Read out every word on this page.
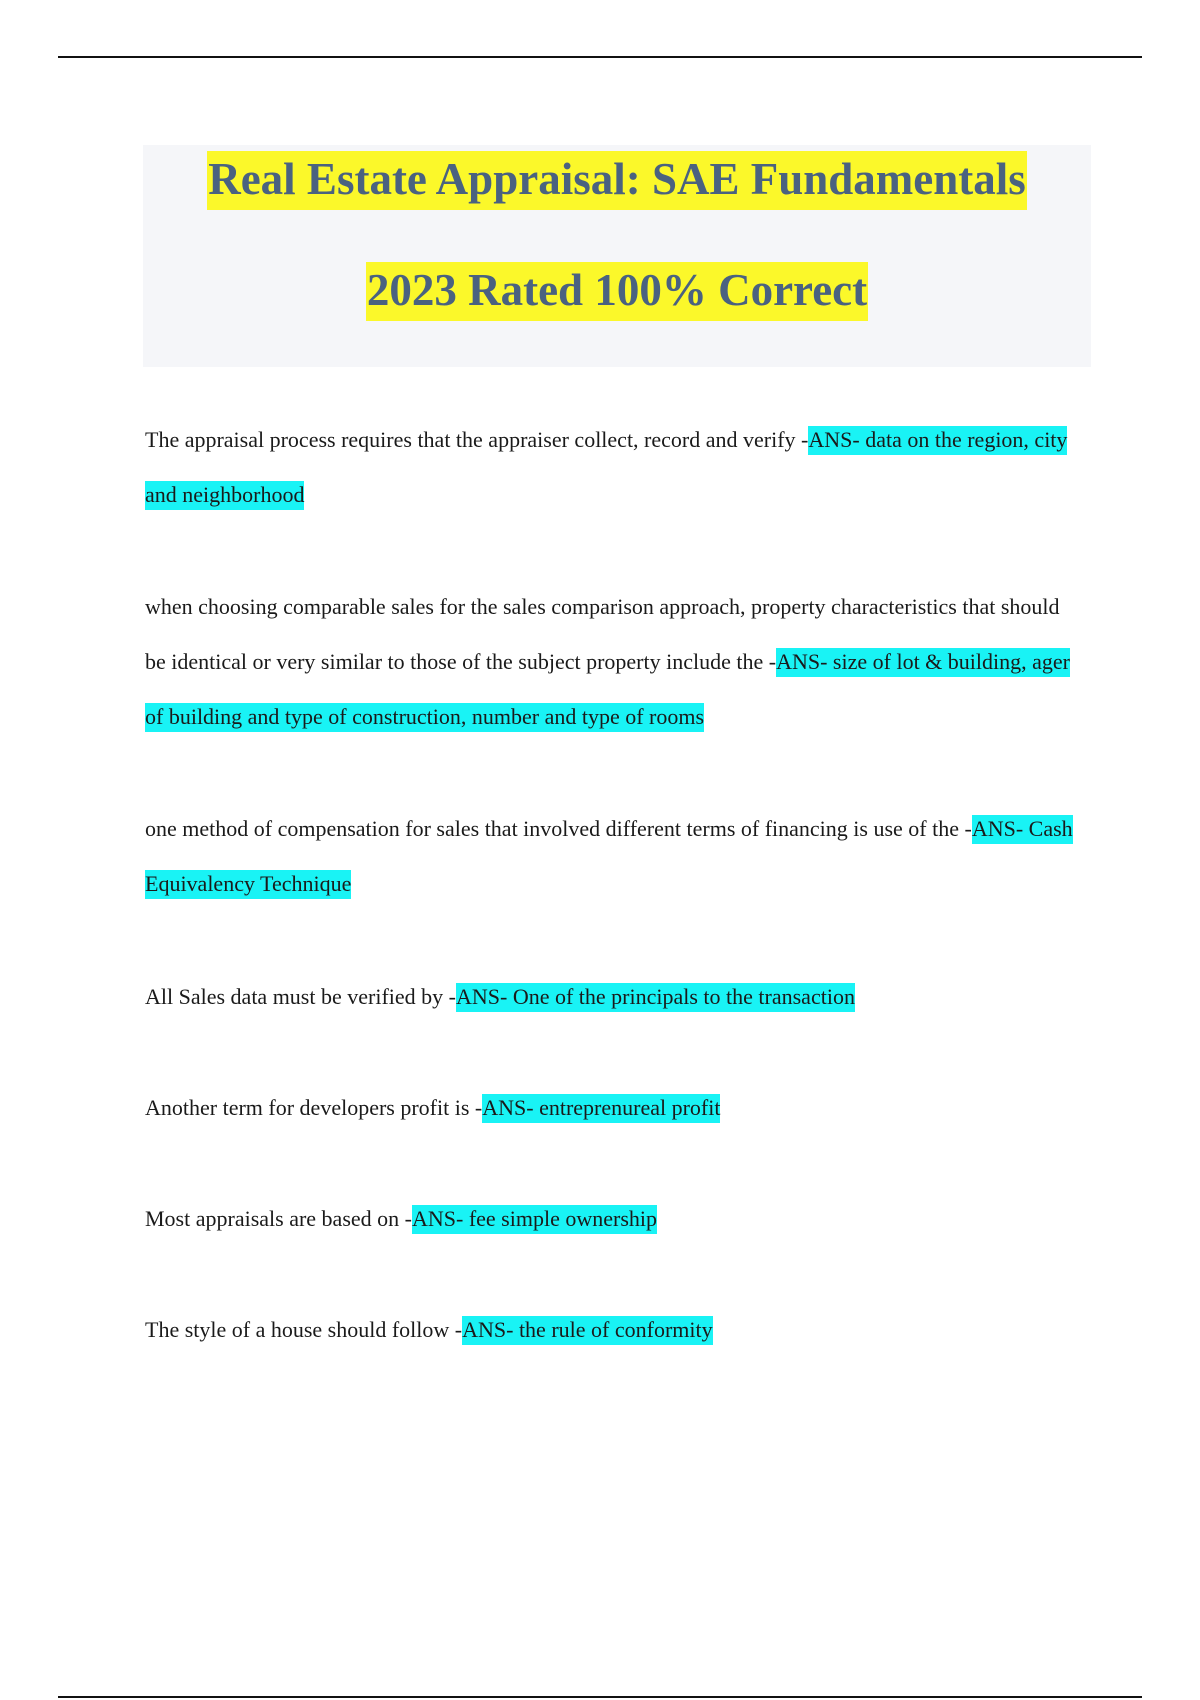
Real Estate Appraisal: SAE Fundamentals
2023 Rated 100% Correct
The appraisal process requires that the appraiser collect, record and verify -ANS- data on the region, city and neighborhood
when choosing comparable sales for the sales comparison approach, property characteristics that should be identical or very similar to those of the subject property include the -ANS- size of lot & building, ager of building and type of construction, number and type of rooms
one method of compensation for sales that involved different terms of financing is use of the -ANS- Cash Equivalency Technique
All Sales data must be verified by -ANS- One of the principals to the transaction
Another term for developers profit is -ANS- entreprenureal profit
Most appraisals are based on -ANS- fee simple ownership
The style of a house should follow -ANS- the rule of conformity
